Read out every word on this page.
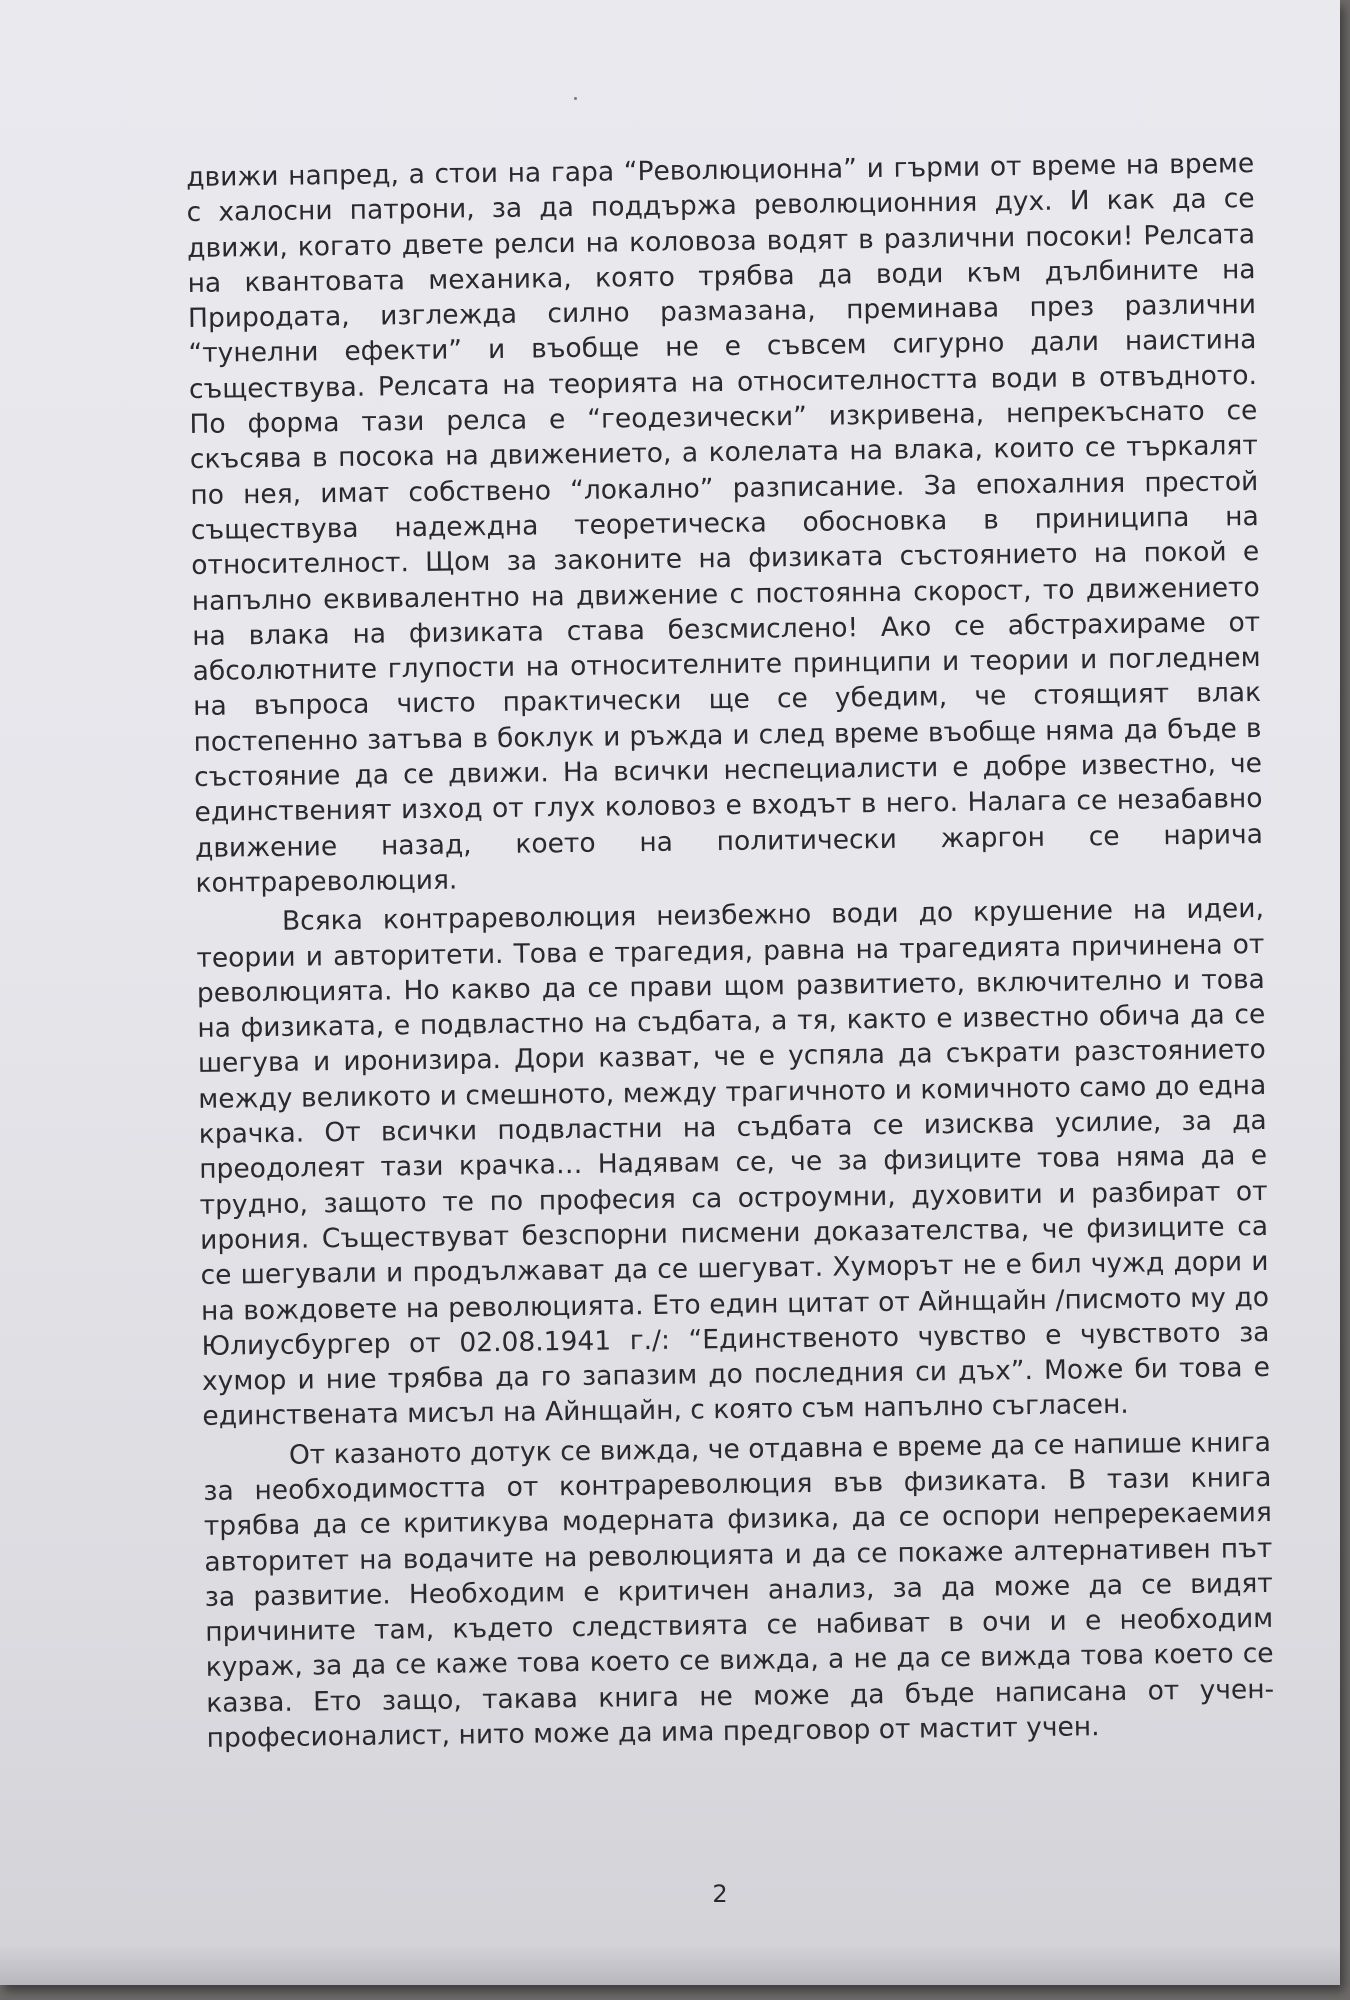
движи напред, а стои на гара “Революционна” и гърми от време на време с халосни патрони, за да поддържа революционния дух. И как да се движи, когато двете релси на коловоза водят в различни посоки! Релсата на квантовата механика, която трябва да води към дълбините на Природата, изглежда силно размазана, преминава през различни “тунелни ефекти” и въобще не е съвсем сигурно дали наистина съществува. Релсата на теорията на относителността води в отвъдното. По форма тази релса е “геодезически” изкривена, непрекъснато се скъсява в посока на движението, а колелата на влака, които се търкалят по нея, имат собствено “локално” разписание. За епохалния престой съществува надеждна теоретическа обосновка в приниципа на относителност. Щом за законите на физиката състоянието на покой е напълно еквивалентно на движение с постоянна скорост, то движението на влака на физиката става безсмислено! Ако се абстрахираме от абсолютните глупости на относителните принципи и теории и погледнем на въпроса чисто практически ще се убедим, че стоящият влак постепенно затъва в боклук и ръжда и след време въобще няма да бъде в състояние да се движи. На всички неспециалисти е добре известно, че единственият изход от глух коловоз е входът в него. Налага се незабавно движение назад, което на политически жаргон се нарича контрареволюция.

Всяка контрареволюция неизбежно води до крушение на идеи, теории и авторитети. Това е трагедия, равна на трагедията причинена от революцията. Но какво да се прави щом развитието, включително и това на физиката, е подвластно на съдбата, а тя, както е известно обича да се шегува и иронизира. Дори казват, че е успяла да съкрати разстоянието между великото и смешното, между трагичното и комичното само до една крачка. От всички подвластни на съдбата се изисква усилие, за да преодолеят тази крачка… Надявам се, че за физиците това няма да е трудно, защото те по професия са остроумни, духовити и разбират от ирония. Съществуват безспорни писмени доказателства, че физиците са се шегували и продължават да се шегуват. Хуморът не е бил чужд дори и на вождовете на революцията. Ето един цитат от Айнщайн /писмото му до Юлиусбургер от 02.08.1941 г./: “Единственото чувство е чувството за хумор и ние трябва да го запазим до последния си дъх”. Може би това е единствената мисъл на Айнщайн, с която съм напълно съгласен.

От казаното дотук се вижда, че отдавна е време да се напише книга за необходимостта от контрареволюция във физиката. В тази книга трябва да се критикува модерната физика, да се оспори непререкаемия авторитет на водачите на революцията и да се покаже алтернативен път за развитие. Необходим е критичен анализ, за да може да се видят причините там, където следствията се набиват в очи и е необходим кураж, за да се каже това което се вижда, а не да се вижда това което се казва. Ето защо, такава книга не може да бъде написана от учен-професионалист, нито може да има предговор от мастит учен.

2
